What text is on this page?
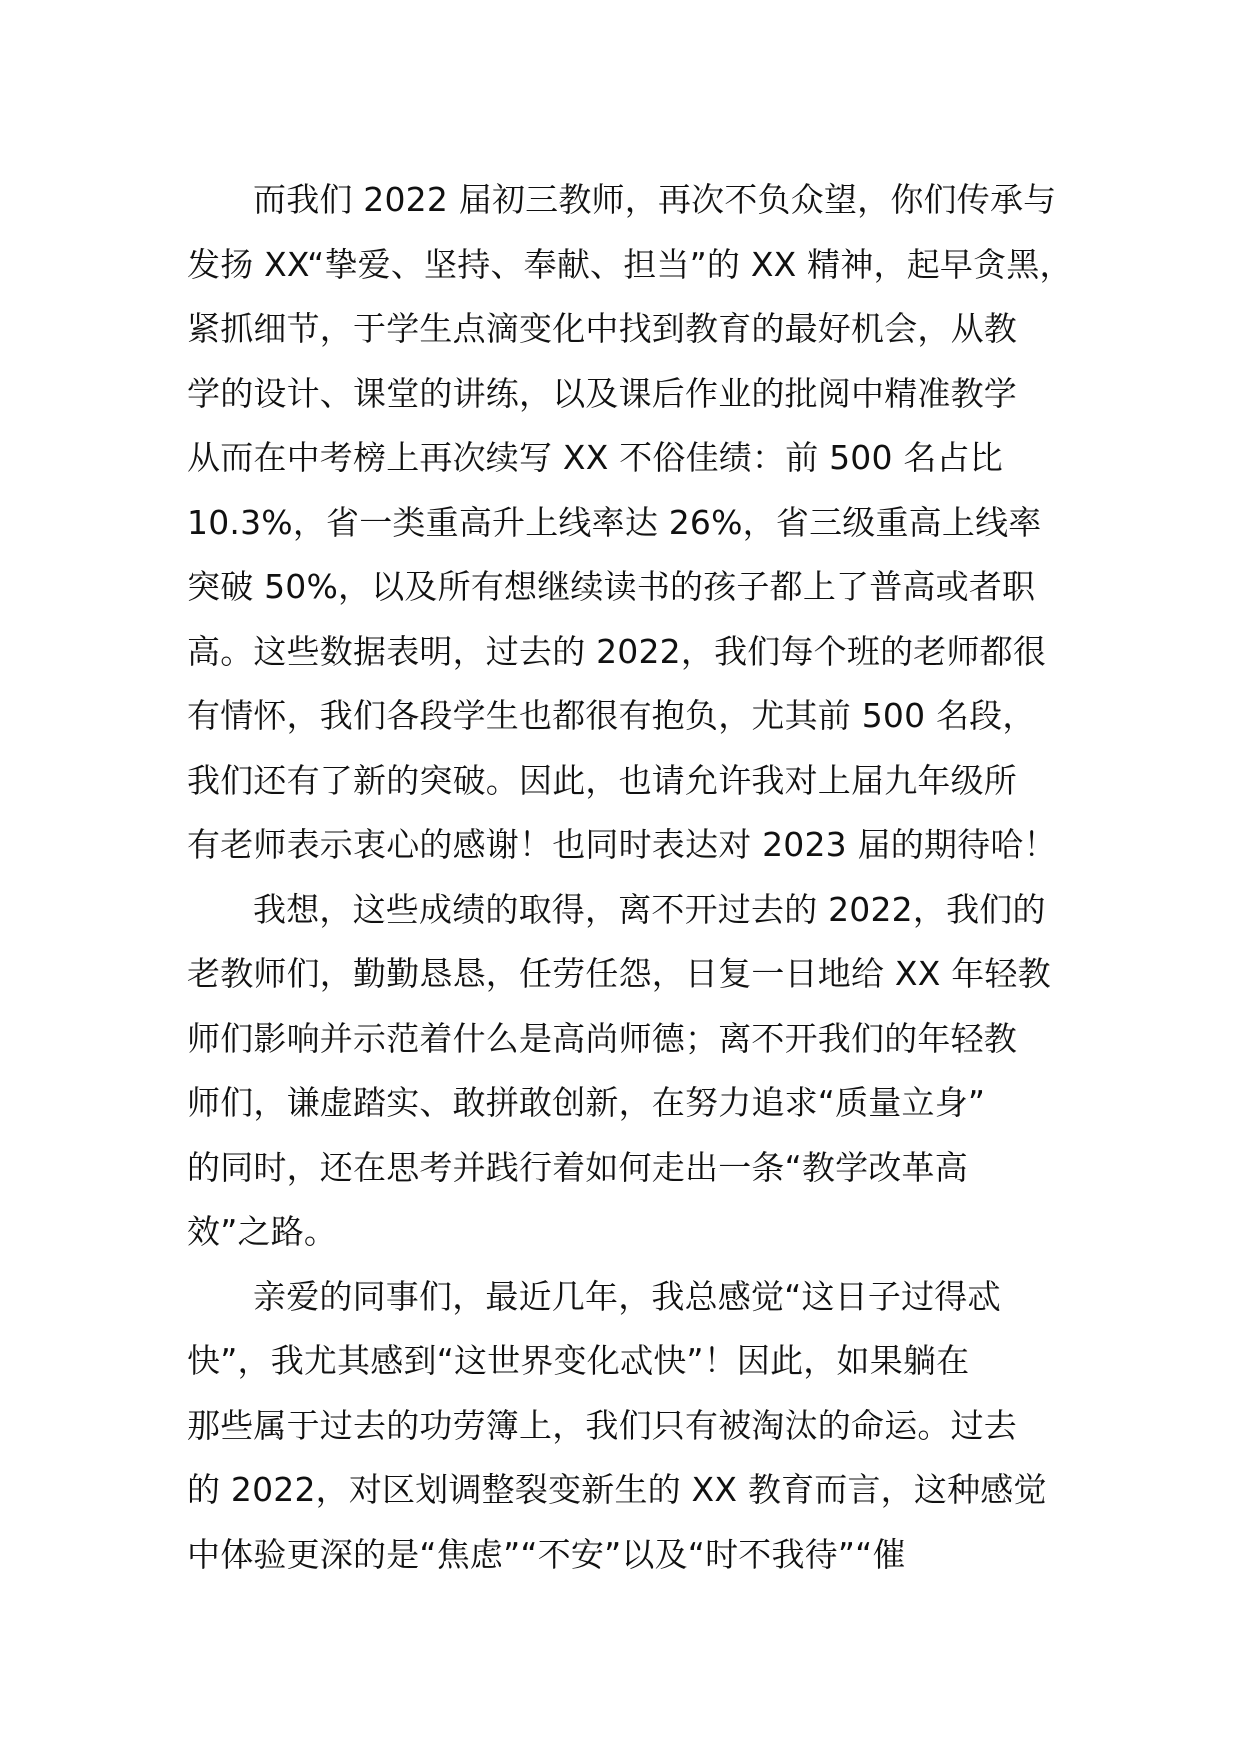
而我们 2022 届初三教师，再次不负众望，你们传承与
发扬 XX“挚爱、坚持、奉献、担当”的 XX 精神，起早贪黑，
紧抓细节，于学生点滴变化中找到教育的最好机会，从教
学的设计、课堂的讲练，以及课后作业的批阅中精准教学
从而在中考榜上再次续写 XX 不俗佳绩：前 500 名占比
10.3%，省一类重高升上线率达 26%，省三级重高上线率
突破 50%，以及所有想继续读书的孩子都上了普高或者职
高。这些数据表明，过去的 2022，我们每个班的老师都很
有情怀，我们各段学生也都很有抱负，尤其前 500 名段，
我们还有了新的突破。因此，也请允许我对上届九年级所
有老师表示衷心的感谢！也同时表达对 2023 届的期待哈！
我想，这些成绩的取得，离不开过去的 2022，我们的
老教师们，勤勤恳恳，任劳任怨，日复一日地给 XX 年轻教
师们影响并示范着什么是高尚师德；离不开我们的年轻教
师们，谦虚踏实、敢拼敢创新，在努力追求“质量立身”
的同时，还在思考并践行着如何走出一条“教学改革高
效”之路。
亲爱的同事们，最近几年，我总感觉“这日子过得忒
快”，我尤其感到“这世界变化忒快”！因此，如果躺在
那些属于过去的功劳簿上，我们只有被淘汰的命运。过去
的 2022，对区划调整裂变新生的 XX 教育而言，这种感觉
中体验更深的是“焦虑”“不安”以及“时不我待”“催
